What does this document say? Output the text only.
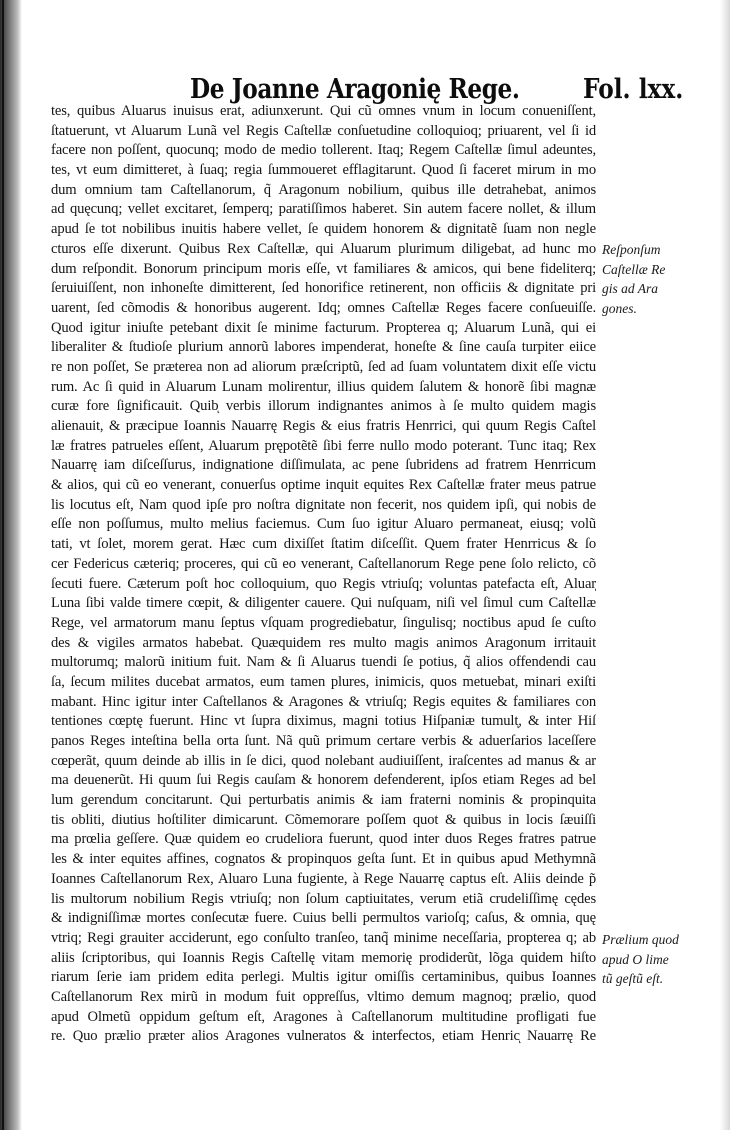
De Joanne Aragonię Rege. Fol. lxx.
tes, quibus Aluarus inuisus erat, adiunxerunt. Qui cũ omnes vnum in locum conueniſſent,
ſtatuerunt, vt Aluarum Lunã vel Regis Caſtellæ conſuetudine colloquioq; priuarent, vel ſi id
facere non poſſent, quocunq; modo de medio tollerent. Itaq; Regem Caſtellæ ſimul adeuntes,
tes, vt eum dimitteret, à ſuaq; regia ſummoueret efflagitarunt. Quod ſi faceret mirum in mo
dum omnium tam Caſtellanorum, q̃ Aragonum nobilium, quibus ille detrahebat, animos
ad quęcunq; vellet excitaret, ſemperq; paratiſſimos haberet. Sin autem facere nollet, & illum
apud ſe tot nobilibus inuitis habere vellet, ſe quidem honorem & dignitatẽ ſuam non negle
cturos eſſe dixerunt. Quibus Rex Caſtellæ, qui Aluarum plurimum diligebat, ad hunc mo
dum reſpondit. Bonorum principum moris eſſe, vt familiares & amicos, qui bene fideliterq;
ſeruiuiſſent, non inhoneſte dimitterent, ſed honorifice retinerent, non officiis & dignitate pri
uarent, ſed cõmodis & honoribus augerent. Idq; omnes Caſtellæ Reges facere conſueuiſſe.
Quod igitur iniuſte petebant dixit ſe minime facturum. Propterea q; Aluarum Lunã, qui ei
liberaliter & ſtudioſe plurium annorũ labores impenderat, honeſte & ſine cauſa turpiter eiice
re non poſſet, Se præterea non ad aliorum præſcriptũ, ſed ad ſuam voluntatem dixit eſſe victu
rum. Ac ſi quid in Aluarum Lunam molirentur, illius quidem ſalutem & honorẽ ſibi magnæ
curæ fore ſignificauit. Quibͅ verbis illorum indignantes animos à ſe multo quidem magis
alienauit, & præcipue Ioannis Nauarrę Regis & eius fratris Henrrici, qui quum Regis Caſtel
læ fratres patrueles eſſent, Aluarum prępotẽtẽ ſibi ferre nullo modo poterant. Tunc itaq; Rex
Nauarrę iam diſceſſurus, indignatione diſſimulata, ac pene ſubridens ad fratrem Henrricum
& alios, qui cũ eo venerant, conuerſus optime inquit equites Rex Caſtellæ frater meus patrue
lis locutus eſt, Nam quod ipſe pro noſtra dignitate non fecerit, nos quidem ipſi, qui nobis de
eſſe non poſſumus, multo melius faciemus. Cum ſuo igitur Aluaro permaneat, eiusq; volũ
tati, vt ſolet, morem gerat. Hæc cum dixiſſet ſtatim diſceſſit. Quem frater Henrricus & ſo
cer Federicus cæteriq; proceres, qui cũ eo venerant, Caſtellanorum Rege pene ſolo relicto, cõ
ſecuti fuere. Cæterum poſt hoc colloquium, quo Regis vtriuſq; voluntas patefacta eſt, Aluarͅ
Luna ſibi valde timere cœpit, & diligenter cauere. Qui nuſquam, niſi vel ſimul cum Caſtellæ
Rege, vel armatorum manu ſeptus vſquam progrediebatur, ſingulisq; noctibus apud ſe cuſto
des & vigiles armatos habebat. Quæquidem res multo magis animos Aragonum irritauit
multorumq; malorũ initium fuit. Nam & ſi Aluarus tuendi ſe potius, q̃ alios offendendi cau
ſa, ſecum milites ducebat armatos, eum tamen plures, inimicis, quos metuebat, minari exiſti
mabant. Hinc igitur inter Caſtellanos & Aragones & vtriuſq; Regis equites & familiares con
tentiones cœptę fuerunt. Hinc vt ſupra diximus, magni totius Hiſpaniæ tumultͅ, & inter Hiſ
panos Reges inteſtina bella orta ſunt. Nã quũ primum certare verbis & aduerſarios laceſſere
cœperãt, quum deinde ab illis in ſe dici, quod nolebant audiuiſſent, iraſcentes ad manus & ar
ma deuenerũt. Hi quum ſui Regis cauſam & honorem defenderent, ipſos etiam Reges ad bel
lum gerendum concitarunt. Qui perturbatis animis & iam fraterni nominis & propinquita
tis obliti, diutius hoſtiliter dimicarunt. Cõmemorare poſſem quot & quibus in locis ſæuiſſi
ma prœlia geſſere. Quæ quidem eo crudeliora fuerunt, quod inter duos Reges fratres patrue
les & inter equites affines, cognatos & propinquos geſta ſunt. Et in quibus apud Methymnã
Ioannes Caſtellanorum Rex, Aluaro Luna fugiente, à Rege Nauarrę captus eſt. Aliis deinde p̃
lis multorum nobilium Regis vtriuſq; non ſolum captiuitates, verum etiã crudeliſſimę cędes
& indigniſſimæ mortes conſecutæ fuere. Cuius belli permultos varioſq; caſus, & omnia, quę
vtriq; Regi grauiter acciderunt, ego conſulto tranſeo, tanq̃ minime neceſſaria, propterea q; ab
aliis ſcriptoribus, qui Ioannis Regis Caſtellę vitam memorię prodiderũt, lõga quidem hiſto
riarum ſerie iam pridem edita perlegi. Multis igitur omiſſis certaminibus, quibus Ioannes
Caſtellanorum Rex mirũ in modum fuit oppreſſus, vltimo demum magnoq; prælio, quod
apud Olmetũ oppidum geſtum eſt, Aragones à Caſtellanorum multitudine profligati fue
re. Quo prælio præter alios Aragones vulneratos & interfectos, etiam Henricͅ Nauarrę Re
Reſponſum
Caſtellæ Re
gis ad Ara
gones.
Prælium quod
apud O lime
tũ geſtũ eſt.
